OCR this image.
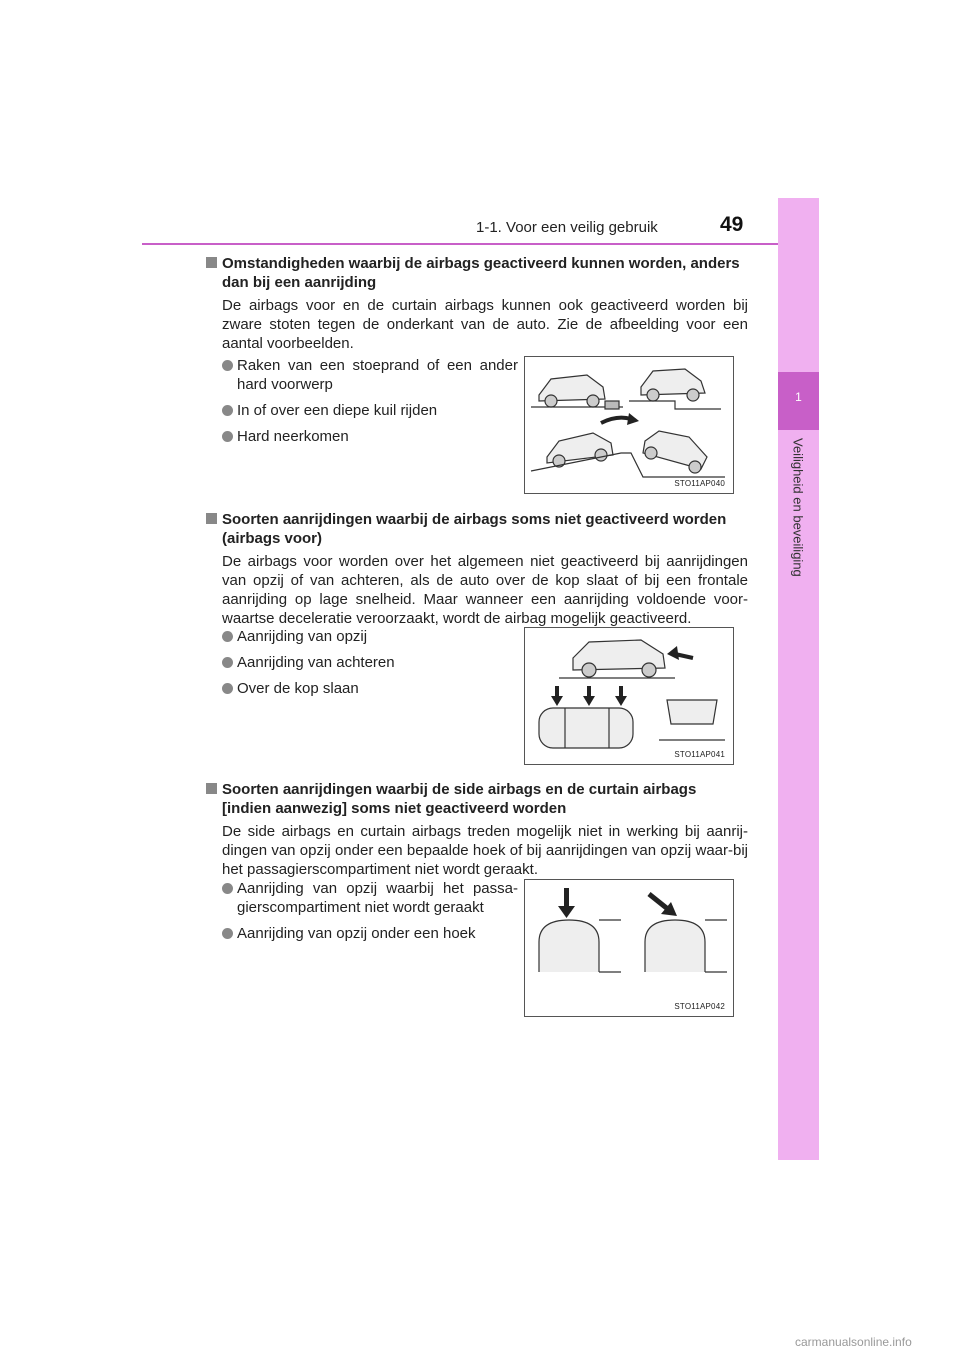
1-1. Voor een veilig gebruik	49
1
Veiligheid en beveiliging
Omstandigheden waarbij de airbags geactiveerd kunnen worden, anders dan bij een aanrijding
De airbags voor en de curtain airbags kunnen ook geactiveerd worden bij zware stoten tegen de onderkant van de auto. Zie de afbeelding voor een aantal voorbeelden.
Raken van een stoeprand of een ander hard voorwerp
In of over een diepe kuil rijden
Hard neerkomen
STO11AP040
Soorten aanrijdingen waarbij de airbags soms niet geactiveerd worden (airbags voor)
De airbags voor worden over het algemeen niet geactiveerd bij aanrijdingen van opzij of van achteren, als de auto over de kop slaat of bij een frontale aanrijding op lage snelheid. Maar wanneer een aanrijding voldoende voor-waartse deceleratie veroorzaakt, wordt de airbag mogelijk geactiveerd.
Aanrijding van opzij
Aanrijding van achteren
Over de kop slaan
STO11AP041
Soorten aanrijdingen waarbij de side airbags en de curtain airbags [indien aanwezig] soms niet geactiveerd worden
De side airbags en curtain airbags treden mogelijk niet in werking bij aanrij-dingen van opzij onder een bepaalde hoek of bij aanrijdingen van opzij waar-bij het passagierscompartiment niet wordt geraakt.
Aanrijding van opzij waarbij het passa-gierscompartiment niet wordt geraakt
Aanrijding van opzij onder een hoek
STO11AP042
carmanualsonline.info
